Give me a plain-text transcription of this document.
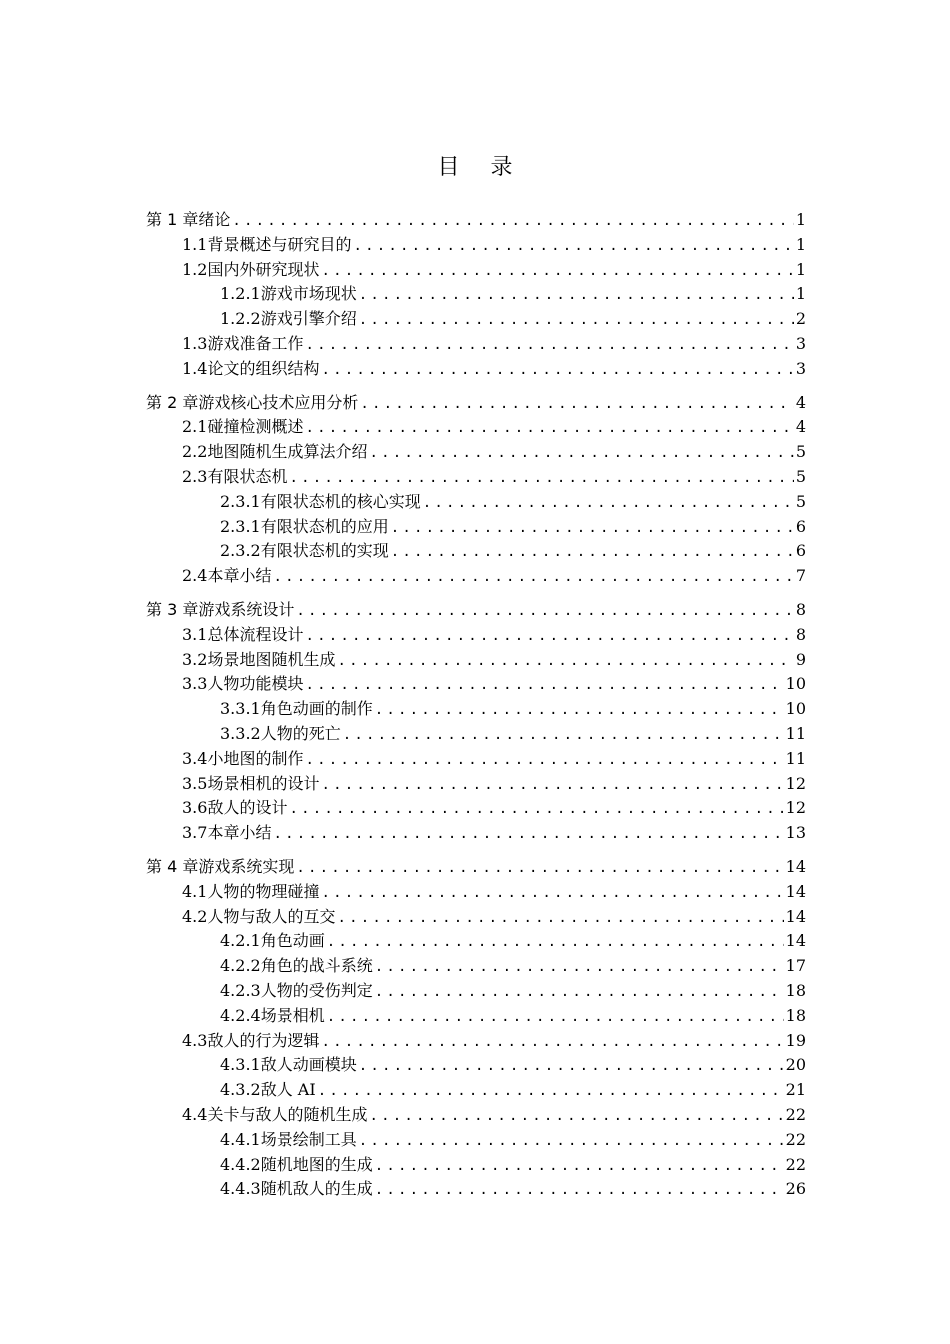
目 录
第 1 章 绪论 .....	1
1.1 背景概述与研究目的 .....	1
1.2 国内外研究现状 .....	1
1.2.1 游戏市场现状 .....	1
1.2.2 游戏引擎介绍 .....	2
1.3 游戏准备工作 .....	3
1.4 论文的组织结构 .....	3
第 2 章 游戏核心技术应用分析 .....	4
2.1 碰撞检测概述 .....	4
2.2 地图随机生成算法介绍 .....	5
2.3 有限状态机 .....	5
2.3.1 有限状态机的核心实现 .....	5
2.3.1 有限状态机的应用 .....	6
2.3.2 有限状态机的实现 .....	6
2.4 本章小结 .....	7
第 3 章 游戏系统设计 .....	8
3.1 总体流程设计 .....	8
3.2 场景地图随机生成 .....	9
3.3 人物功能模块 .....	10
3.3.1 角色动画的制作 .....	10
3.3.2 人物的死亡 .....	11
3.4 小地图的制作 .....	11
3.5 场景相机的设计 .....	12
3.6 敌人的设计 .....	12
3.7 本章小结 .....	13
第 4 章 游戏系统实现 .....	14
4.1 人物的物理碰撞 .....	14
4.2 人物与敌人的互交 .....	14
4.2.1 角色动画 .....	14
4.2.2 角色的战斗系统 .....	17
4.2.3 人物的受伤判定 .....	18
4.2.4 场景相机 .....	18
4.3 敌人的行为逻辑 .....	19
4.3.1 敌人动画模块 .....	20
4.3.2 敌人 AI .....	21
4.4 关卡与敌人的随机生成 .....	22
4.4.1 场景绘制工具 .....	22
4.4.2 随机地图的生成 .....	22
4.4.3 随机敌人的生成 .....	26
